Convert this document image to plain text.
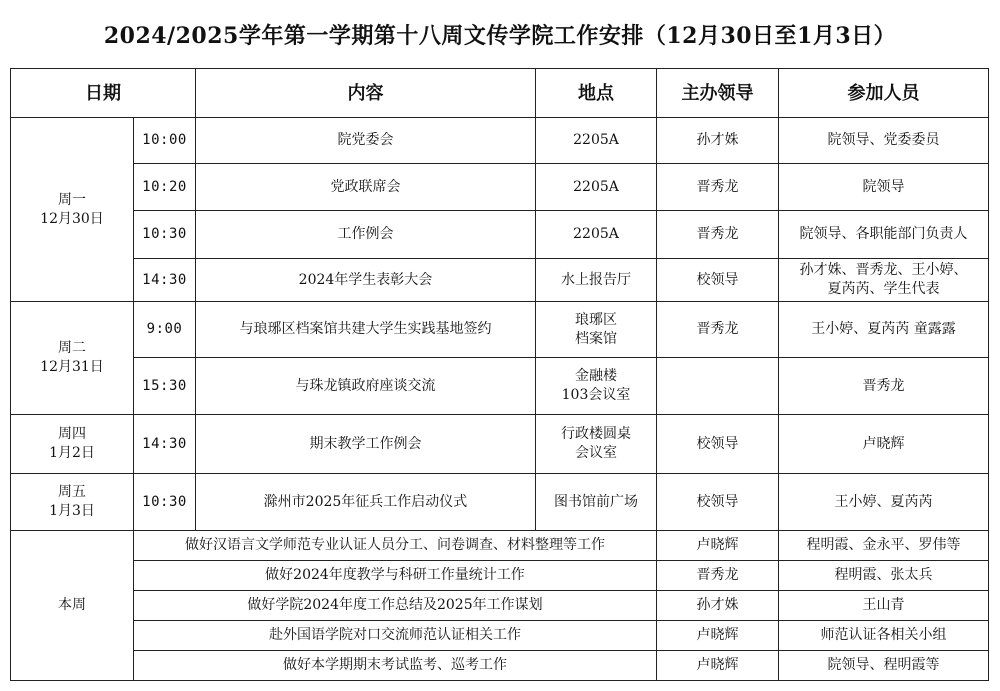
2024/2025学年第一学期第十八周文传学院工作安排（12月30日至1月3日）
日期		内容	地点	主办领导	参加人员

周一
12月30日	10:00	院党委会	2205A	孙才姝	院领导、党委委员
	10:20	党政联席会	2205A	晋秀龙	院领导
	10:30	工作例会	2205A	晋秀龙	院领导、各职能部门负责人
	14:30	2024年学生表彰大会	水上报告厅	校领导	孙才姝、晋秀龙、王小婷、
夏芮芮、学生代表

周二
12月31日	9:00	与琅琊区档案馆共建大学生实践基地签约	琅琊区
档案馆	晋秀龙	王小婷、夏芮芮 童露露
	15:30	与珠龙镇政府座谈交流	金融楼
103会议室		晋秀龙

周四
1月2日	14:30	期末教学工作例会	行政楼圆桌
会议室	校领导	卢晓辉

周五
1月3日	10:30	滁州市2025年征兵工作启动仪式	图书馆前广场	校领导	王小婷、夏芮芮
本周	做好汉语言文学师范专业认证人员分工、问卷调查、材料整理等工作			卢晓辉	程明霞、金永平、罗伟等
	做好2024年度教学与科研工作量统计工作			晋秀龙	程明霞、张太兵
	做好学院2024年度工作总结及2025年工作谋划			孙才姝	王山青
	赴外国语学院对口交流师范认证相关工作			卢晓辉	师范认证各相关小组
	做好本学期期末考试监考、巡考工作			卢晓辉	院领导、程明霞等
